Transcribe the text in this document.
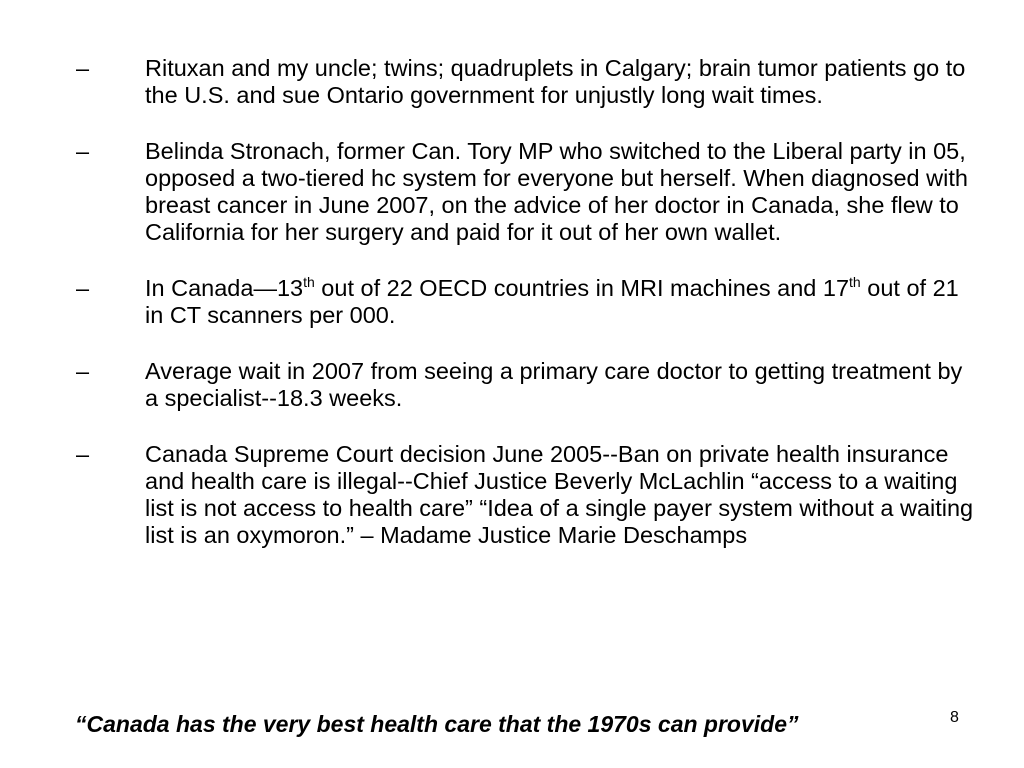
– Rituxan and my uncle; twins; quadruplets in Calgary; brain tumor patients go to the U.S. and sue Ontario government for unjustly long wait times.
– Belinda Stronach, former Can. Tory MP who switched to the Liberal party in 05, opposed a two-tiered hc system for everyone but herself. When diagnosed with breast cancer in June 2007, on the advice of her doctor in Canada, she flew to California for her surgery and paid for it out of her own wallet.
– In Canada—13th out of 22 OECD countries in MRI machines and 17th out of 21 in CT scanners per 000.
– Average wait in 2007 from seeing a primary care doctor to getting treatment by a specialist--18.3 weeks.
– Canada Supreme Court decision June 2005--Ban on private health insurance and health care is illegal--Chief Justice Beverly McLachlin “access to a waiting list is not access to health care” “Idea of a single payer system without a waiting list is an oxymoron.” – Madame Justice Marie Deschamps
“Canada has the very best health care that the 1970s can provide”	8
